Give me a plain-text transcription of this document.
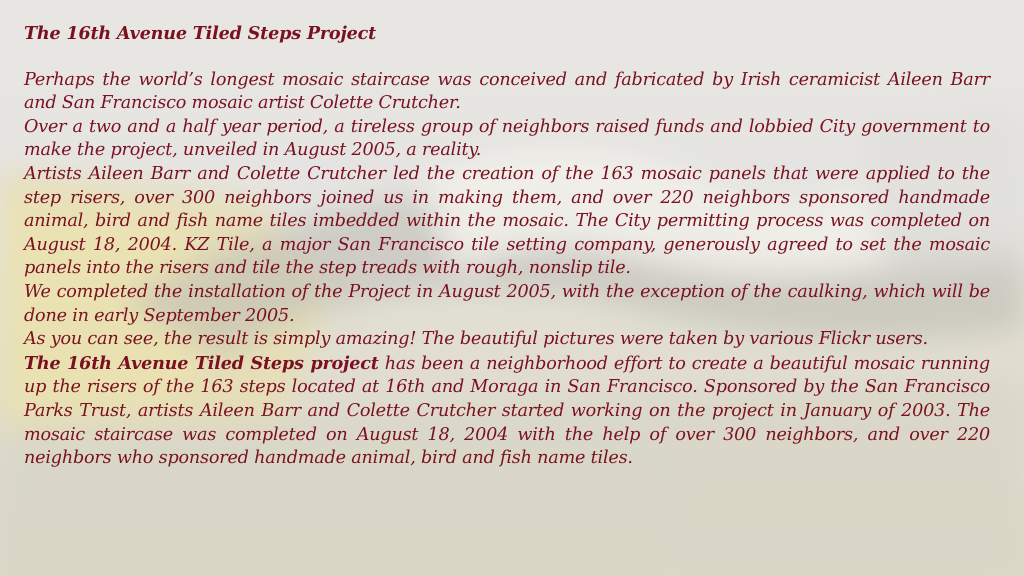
The 16th Avenue Tiled Steps Project

Perhaps the world’s longest mosaic staircase was conceived and fabricated by Irish ceramicist Aileen Barr and San Francisco mosaic artist Colette Crutcher.

Over a two and a half year period, a tireless group of neighbors raised funds and lobbied City government to make the project, unveiled in August 2005, a reality.

Artists Aileen Barr and Colette Crutcher led the creation of the 163 mosaic panels that were applied to the step risers, over 300 neighbors joined us in making them, and over 220 neighbors sponsored handmade animal, bird and fish name tiles imbedded within the mosaic. The City permitting process was completed on August 18, 2004. KZ Tile, a major San Francisco tile setting company, generously agreed to set the mosaic panels into the risers and tile the step treads with rough, nonslip tile.

We completed the installation of the Project in August 2005, with the exception of the caulking, which will be done in early September 2005.

As you can see, the result is simply amazing! The beautiful pictures were taken by various Flickr users.

The 16th Avenue Tiled Steps project has been a neighborhood effort to create a beautiful mosaic running up the risers of the 163 steps located at 16th and Moraga in San Francisco. Sponsored by the San Francisco Parks Trust, artists Aileen Barr and Colette Crutcher started working on the project in January of 2003. The mosaic staircase was completed on August 18, 2004 with the help of over 300 neighbors, and over 220 neighbors who sponsored handmade animal, bird and fish name tiles.
